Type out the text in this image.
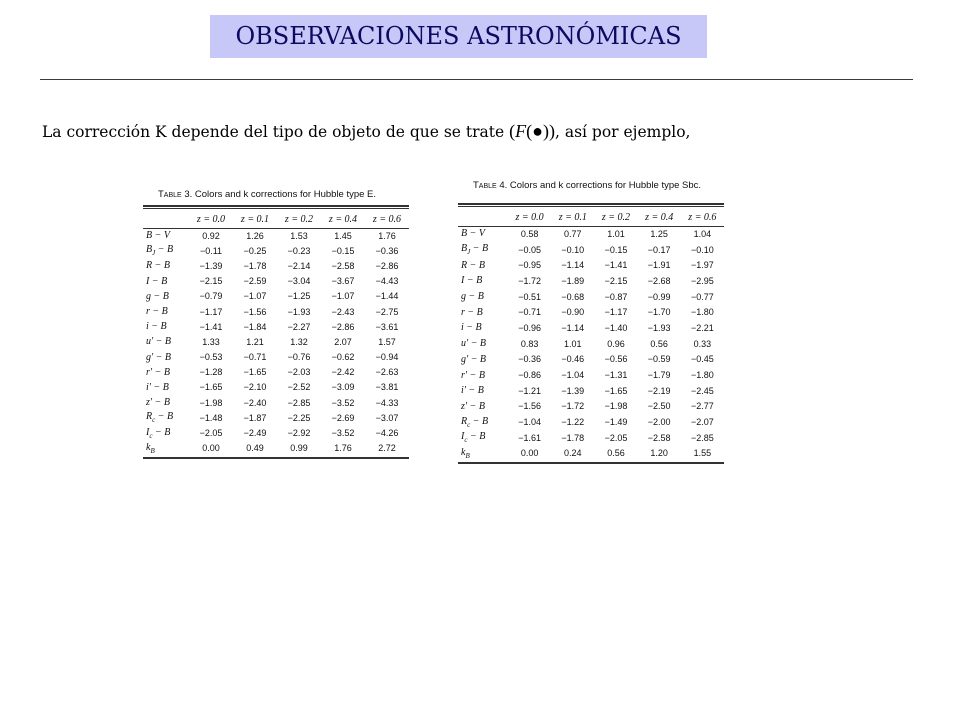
OBSERVACIONES ASTRONÓMICAS
La corrección K depende del tipo de objeto de que se trate (F(●)), así por ejemplo,
Table 3. Colors and k corrections for Hubble type E.
	z = 0.0	z = 0.1	z = 0.2	z = 0.4	z = 0.6
B − V	0.92	1.26	1.53	1.45	1.76
$B_J - B$	−0.11	−0.25	−0.23	−0.15	−0.36
R − B	−1.39	−1.78	−2.14	−2.58	−2.86
I − B	−2.15	−2.59	−3.04	−3.67	−4.43
g − B	−0.79	−1.07	−1.25	−1.07	−1.44
r − B	−1.17	−1.56	−1.93	−2.43	−2.75
i − B	−1.41	−1.84	−2.27	−2.86	−3.61
u′ − B	1.33	1.21	1.32	2.07	1.57
g′ − B	−0.53	−0.71	−0.76	−0.62	−0.94
r′ − B	−1.28	−1.65	−2.03	−2.42	−2.63
i′ − B	−1.65	−2.10	−2.52	−3.09	−3.81
z′ − B	−1.98	−2.40	−2.85	−3.52	−4.33
$R_c - B$	−1.48	−1.87	−2.25	−2.69	−3.07
$I_c - B$	−2.05	−2.49	−2.92	−3.52	−4.26
$k_B$	0.00	0.49	0.99	1.76	2.72
Table 4. Colors and k corrections for Hubble type Sbc.
	z = 0.0	z = 0.1	z = 0.2	z = 0.4	z = 0.6
B − V	0.58	0.77	1.01	1.25	1.04
$B_J - B$	−0.05	−0.10	−0.15	−0.17	−0.10
R − B	−0.95	−1.14	−1.41	−1.91	−1.97
I − B	−1.72	−1.89	−2.15	−2.68	−2.95
g − B	−0.51	−0.68	−0.87	−0.99	−0.77
r − B	−0.71	−0.90	−1.17	−1.70	−1.80
i − B	−0.96	−1.14	−1.40	−1.93	−2.21
u′ − B	0.83	1.01	0.96	0.56	0.33
g′ − B	−0.36	−0.46	−0.56	−0.59	−0.45
r′ − B	−0.86	−1.04	−1.31	−1.79	−1.80
i′ − B	−1.21	−1.39	−1.65	−2.19	−2.45
z′ − B	−1.56	−1.72	−1.98	−2.50	−2.77
$R_c - B$	−1.04	−1.22	−1.49	−2.00	−2.07
$I_c - B$	−1.61	−1.78	−2.05	−2.58	−2.85
$k_B$	0.00	0.24	0.56	1.20	1.55
